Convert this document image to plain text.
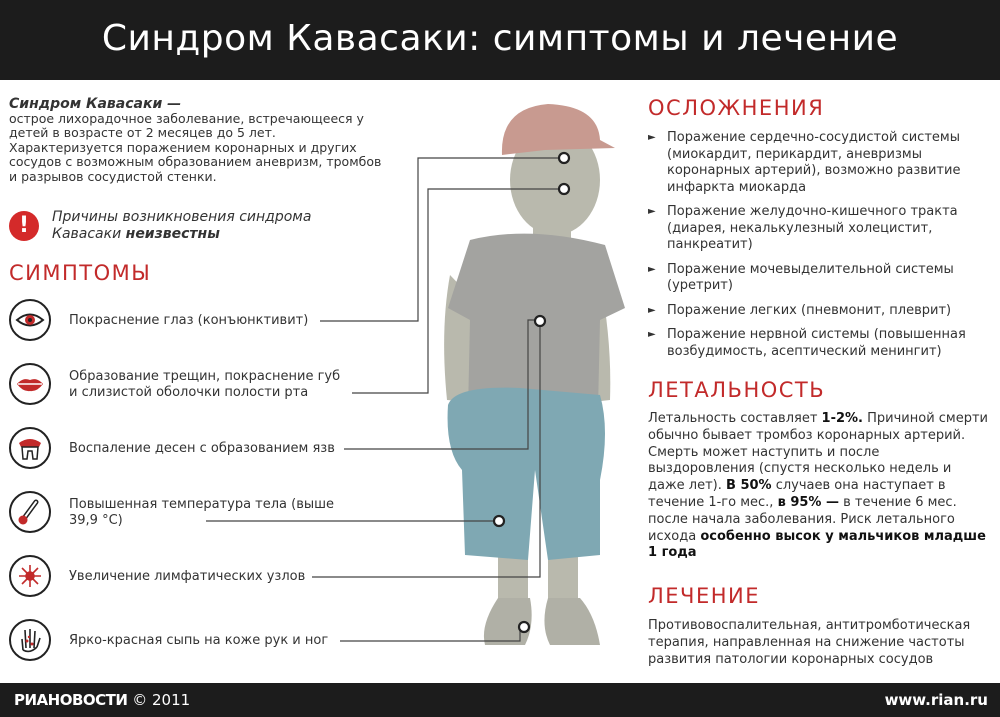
Синдром Кавасаки: симптомы и лечение
Синдром Кавасаки —
острое лихорадочное заболевание, встречающееся у детей в возрасте от 2 месяцев до 5 лет. Характеризуется поражением коронарных и других сосудов с возможным образованием аневризм, тромбов и разрывов сосудистой стенки.
!	Причины возникновения синдрома Кавасаки неизвестны
СИМПТОМЫ
Покраснение глаз (конъюнктивит)
Образование трещин, покраснение губ и слизистой оболочки полости рта
Воспаление десен с образованием язв
Повышенная температура тела (выше 39,9 °C)
Увеличение лимфатических узлов
Ярко-красная сыпь на коже рук и ног
ОСЛОЖНЕНИЯ
► Поражение сердечно-сосудистой системы (миокардит, перикардит, аневризмы коронарных артерий), возможно развитие инфаркта миокарда
► Поражение желудочно-кишечного тракта (диарея, некалькулезный холецистит, панкреатит)
► Поражение мочевыделительной системы (уретрит)
► Поражение легких (пневмонит, плеврит)
► Поражение нервной системы (повышенная возбудимость, асептический менингит)
ЛЕТАЛЬНОСТЬ
Летальность составляет 1-2%. Причиной смерти обычно бывает тромбоз коронарных артерий. Смерть может наступить и после выздоровления (спустя несколько недель и даже лет). В 50% случаев она наступает в течение 1-го мес., в 95% — в течение 6 мес. после начала заболевания. Риск летального исхода особенно высок у мальчиков младше 1 года
ЛЕЧЕНИЕ
Противовоспалительная, антитромботическая терапия, направленная на снижение частоты развития патологии коронарных сосудов
РИАНОВОСТИ © 2011	www.rian.ru
